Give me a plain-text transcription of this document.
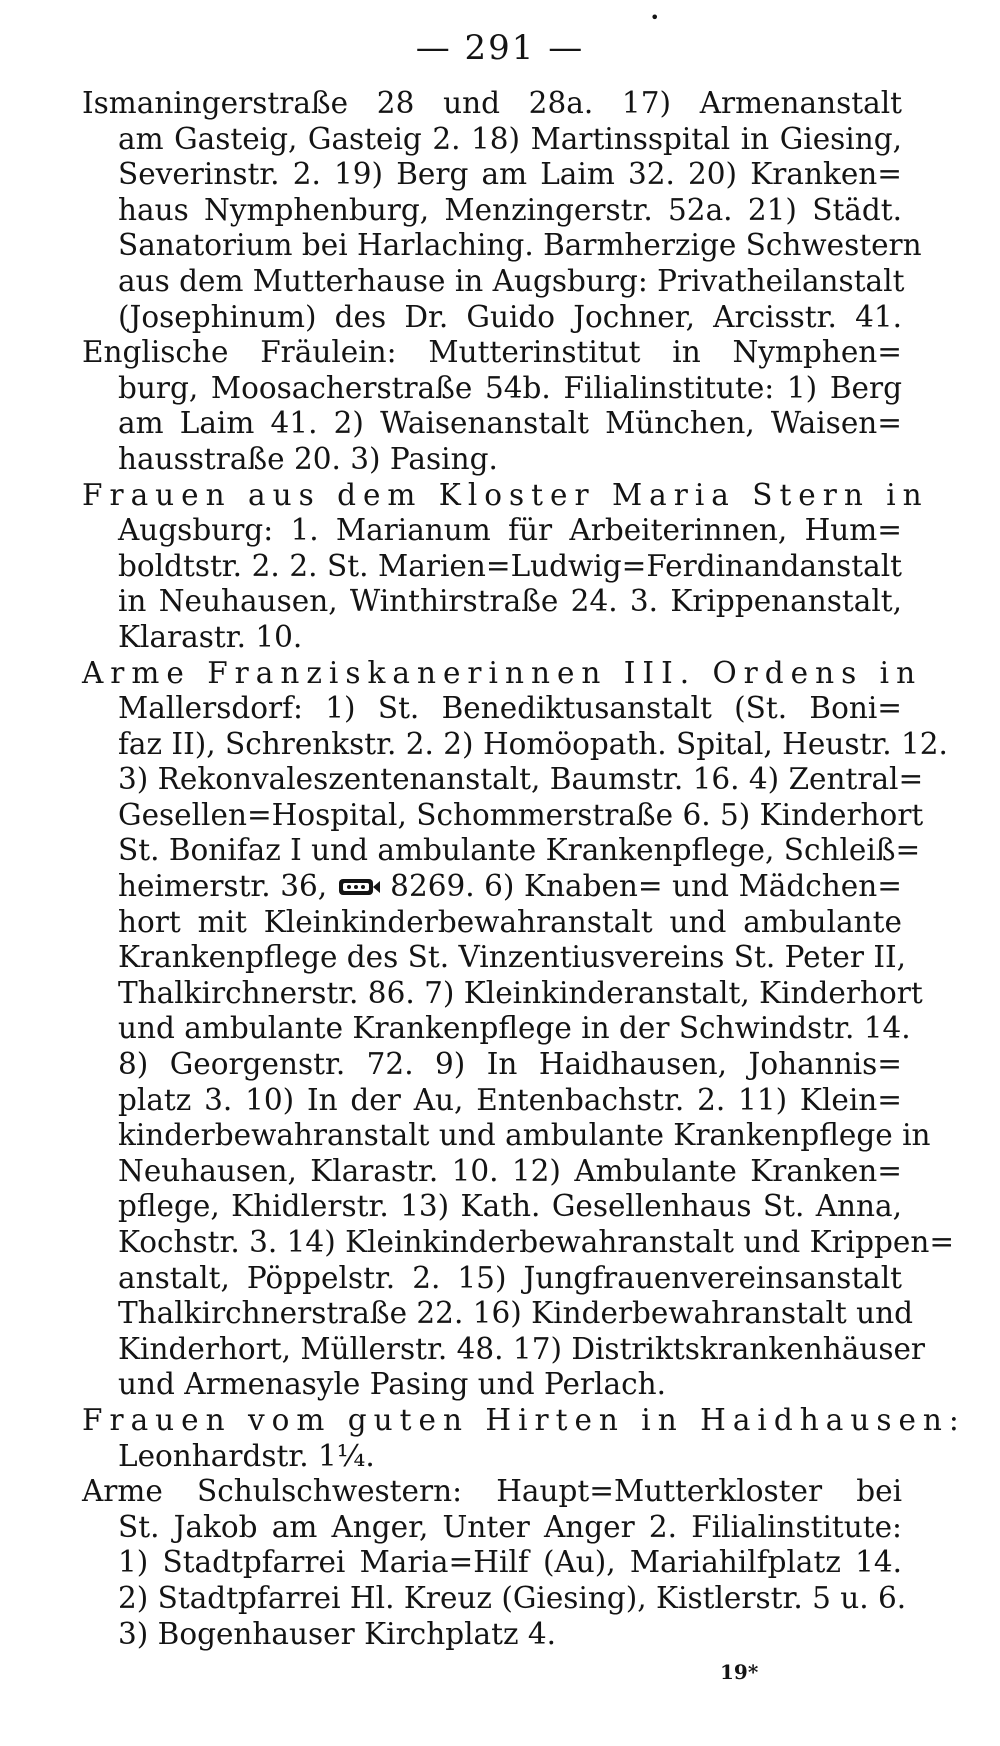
•
— 291 —
Ismaningerstraße 28 und 28a. 17) Armenanstalt
am Gasteig, Gasteig 2. 18) Martinsspital in Giesing,
Severinstr. 2. 19) Berg am Laim 32. 20) Kranken=
haus Nymphenburg, Menzingerstr. 52a. 21) Städt.
Sanatorium bei Harlaching. Barmherzige Schwestern
aus dem Mutterhause in Augsburg: Privatheilanstalt
(Josephinum) des Dr. Guido Jochner, Arcisstr. 41.
Englische Fräulein: Mutterinstitut in Nymphen=
burg, Moosacherstraße 54b. Filialinstitute: 1) Berg
am Laim 41. 2) Waisenanstalt München, Waisen=
hausstraße 20. 3) Pasing.
Frauen aus dem Kloster Maria Stern in
Augsburg: 1. Marianum für Arbeiterinnen, Hum=
boldtstr. 2. 2. St. Marien=Ludwig=Ferdinandanstalt
in Neuhausen, Winthirstraße 24. 3. Krippenanstalt,
Klarastr. 10.
Arme Franziskanerinnen III. Ordens in
Mallersdorf: 1) St. Benediktusanstalt (St. Boni=
faz II), Schrenkstr. 2. 2) Homöopath. Spital, Heustr. 12.
3) Rekonvaleszentenanstalt, Baumstr. 16. 4) Zentral=
Gesellen=Hospital, Schommerstraße 6. 5) Kinderhort
St. Bonifaz I und ambulante Krankenpflege, Schleiß=
heimerstr. 36, 8269. 6) Knaben= und Mädchen=
hort mit Kleinkinderbewahranstalt und ambulante
Krankenpflege des St. Vinzentiusvereins St. Peter II,
Thalkirchnerstr. 86. 7) Kleinkinderanstalt, Kinderhort
und ambulante Krankenpflege in der Schwindstr. 14.
8) Georgenstr. 72. 9) In Haidhausen, Johannis=
platz 3. 10) In der Au, Entenbachstr. 2. 11) Klein=
kinderbewahranstalt und ambulante Krankenpflege in
Neuhausen, Klarastr. 10. 12) Ambulante Kranken=
pflege, Khidlerstr. 13) Kath. Gesellenhaus St. Anna,
Kochstr. 3. 14) Kleinkinderbewahranstalt und Krippen=
anstalt, Pöppelstr. 2. 15) Jungfrauenvereinsanstalt
Thalkirchnerstraße 22. 16) Kinderbewahranstalt und
Kinderhort, Müllerstr. 48. 17) Distriktskrankenhäuser
und Armenasyle Pasing und Perlach.
Frauen vom guten Hirten in Haidhausen:
Leonhardstr. 1¼.
Arme Schulschwestern: Haupt=Mutterkloster bei
St. Jakob am Anger, Unter Anger 2. Filialinstitute:
1) Stadtpfarrei Maria=Hilf (Au), Mariahilfplatz 14.
2) Stadtpfarrei Hl. Kreuz (Giesing), Kistlerstr. 5 u. 6.
3) Bogenhauser Kirchplatz 4.
19*
